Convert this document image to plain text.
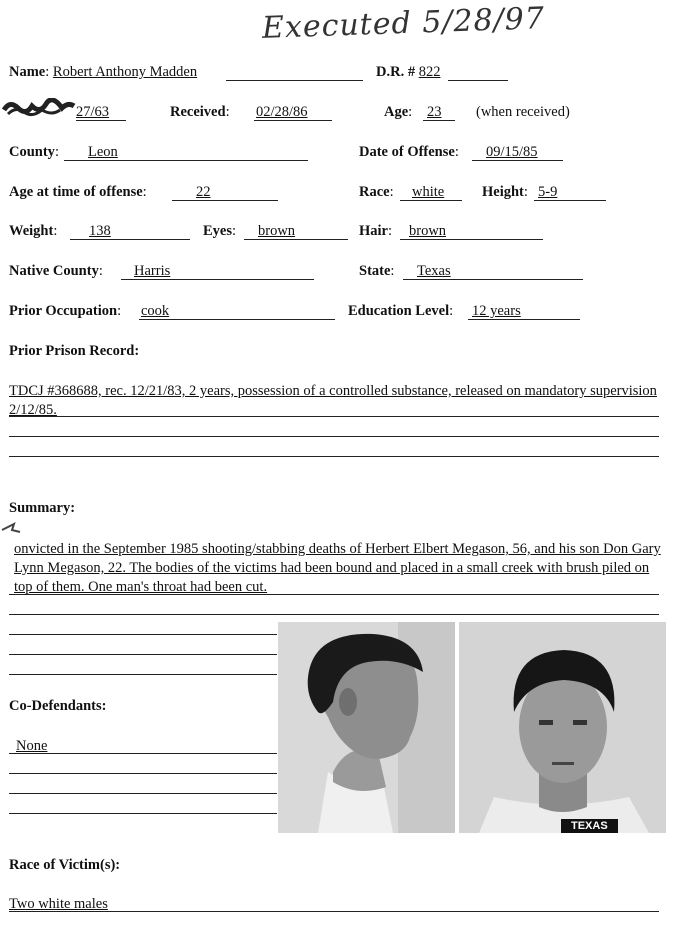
Executed 5/28/97
Name: Robert Anthony Madden	D.R. # 822
27/63	Received: 02/28/86	Age: 23 (when received)
County: Leon	Date of Offense: 09/15/85
Age at time of offense:	22	Race: white	Height: 5-9
Weight: 138	Eyes: brown	Hair: brown
Native County: Harris	State: Texas
Prior Occupation: cook	Education Level: 12 years
Prior Prison Record:
TDCJ #368688, rec. 12/21/83, 2 years, possession of a controlled substance, released on mandatory supervision 2/12/85.
Summary:
onvicted in the September 1985 shooting/stabbing deaths of Herbert Elbert Megason, 56, and his son Don Gary Lynn Megason, 22. The bodies of the victims had been bound and placed in a small creek with brush piled on top of them. One man's throat had been cut.
Co-Defendants:
None
TEXAS
Race of Victim(s):
Two white males
